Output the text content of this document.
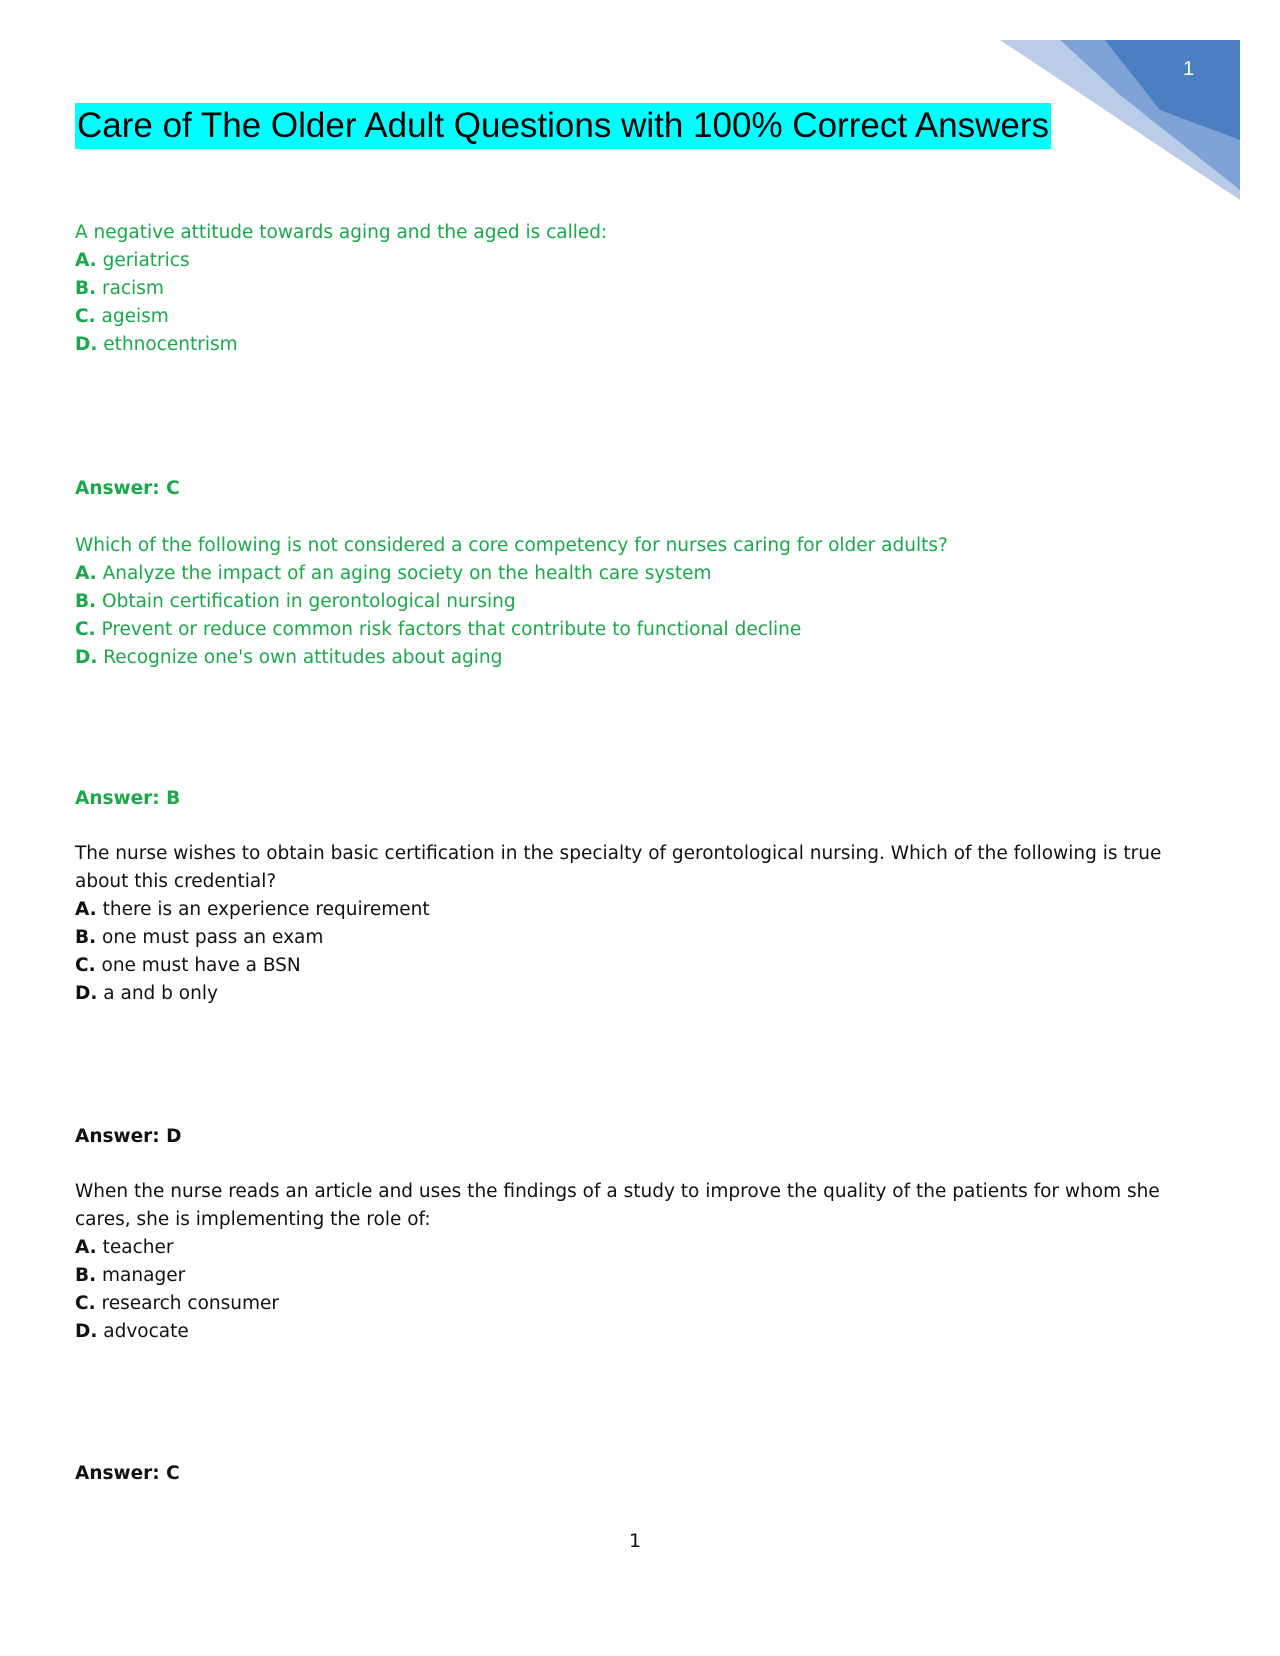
1
Care of The Older Adult Questions with 100% Correct Answers

A negative attitude towards aging and the aged is called:

A. geriatrics

B. racism

C. ageism

D. ethnocentrism

Answer: C

Which of the following is not considered a core competency for nurses caring for older adults?

A. Analyze the impact of an aging society on the health care system

B. Obtain certification in gerontological nursing

C. Prevent or reduce common risk factors that contribute to functional decline

D. Recognize one's own attitudes about aging

Answer: B

The nurse wishes to obtain basic certification in the specialty of gerontological nursing. Which of the following is true about this credential?

A. there is an experience requirement

B. one must pass an exam

C. one must have a BSN

D. a and b only

Answer: D

When the nurse reads an article and uses the findings of a study to improve the quality of the patients for whom she cares, she is implementing the role of:

A. teacher

B. manager

C. research consumer

D. advocate

Answer: C
1
